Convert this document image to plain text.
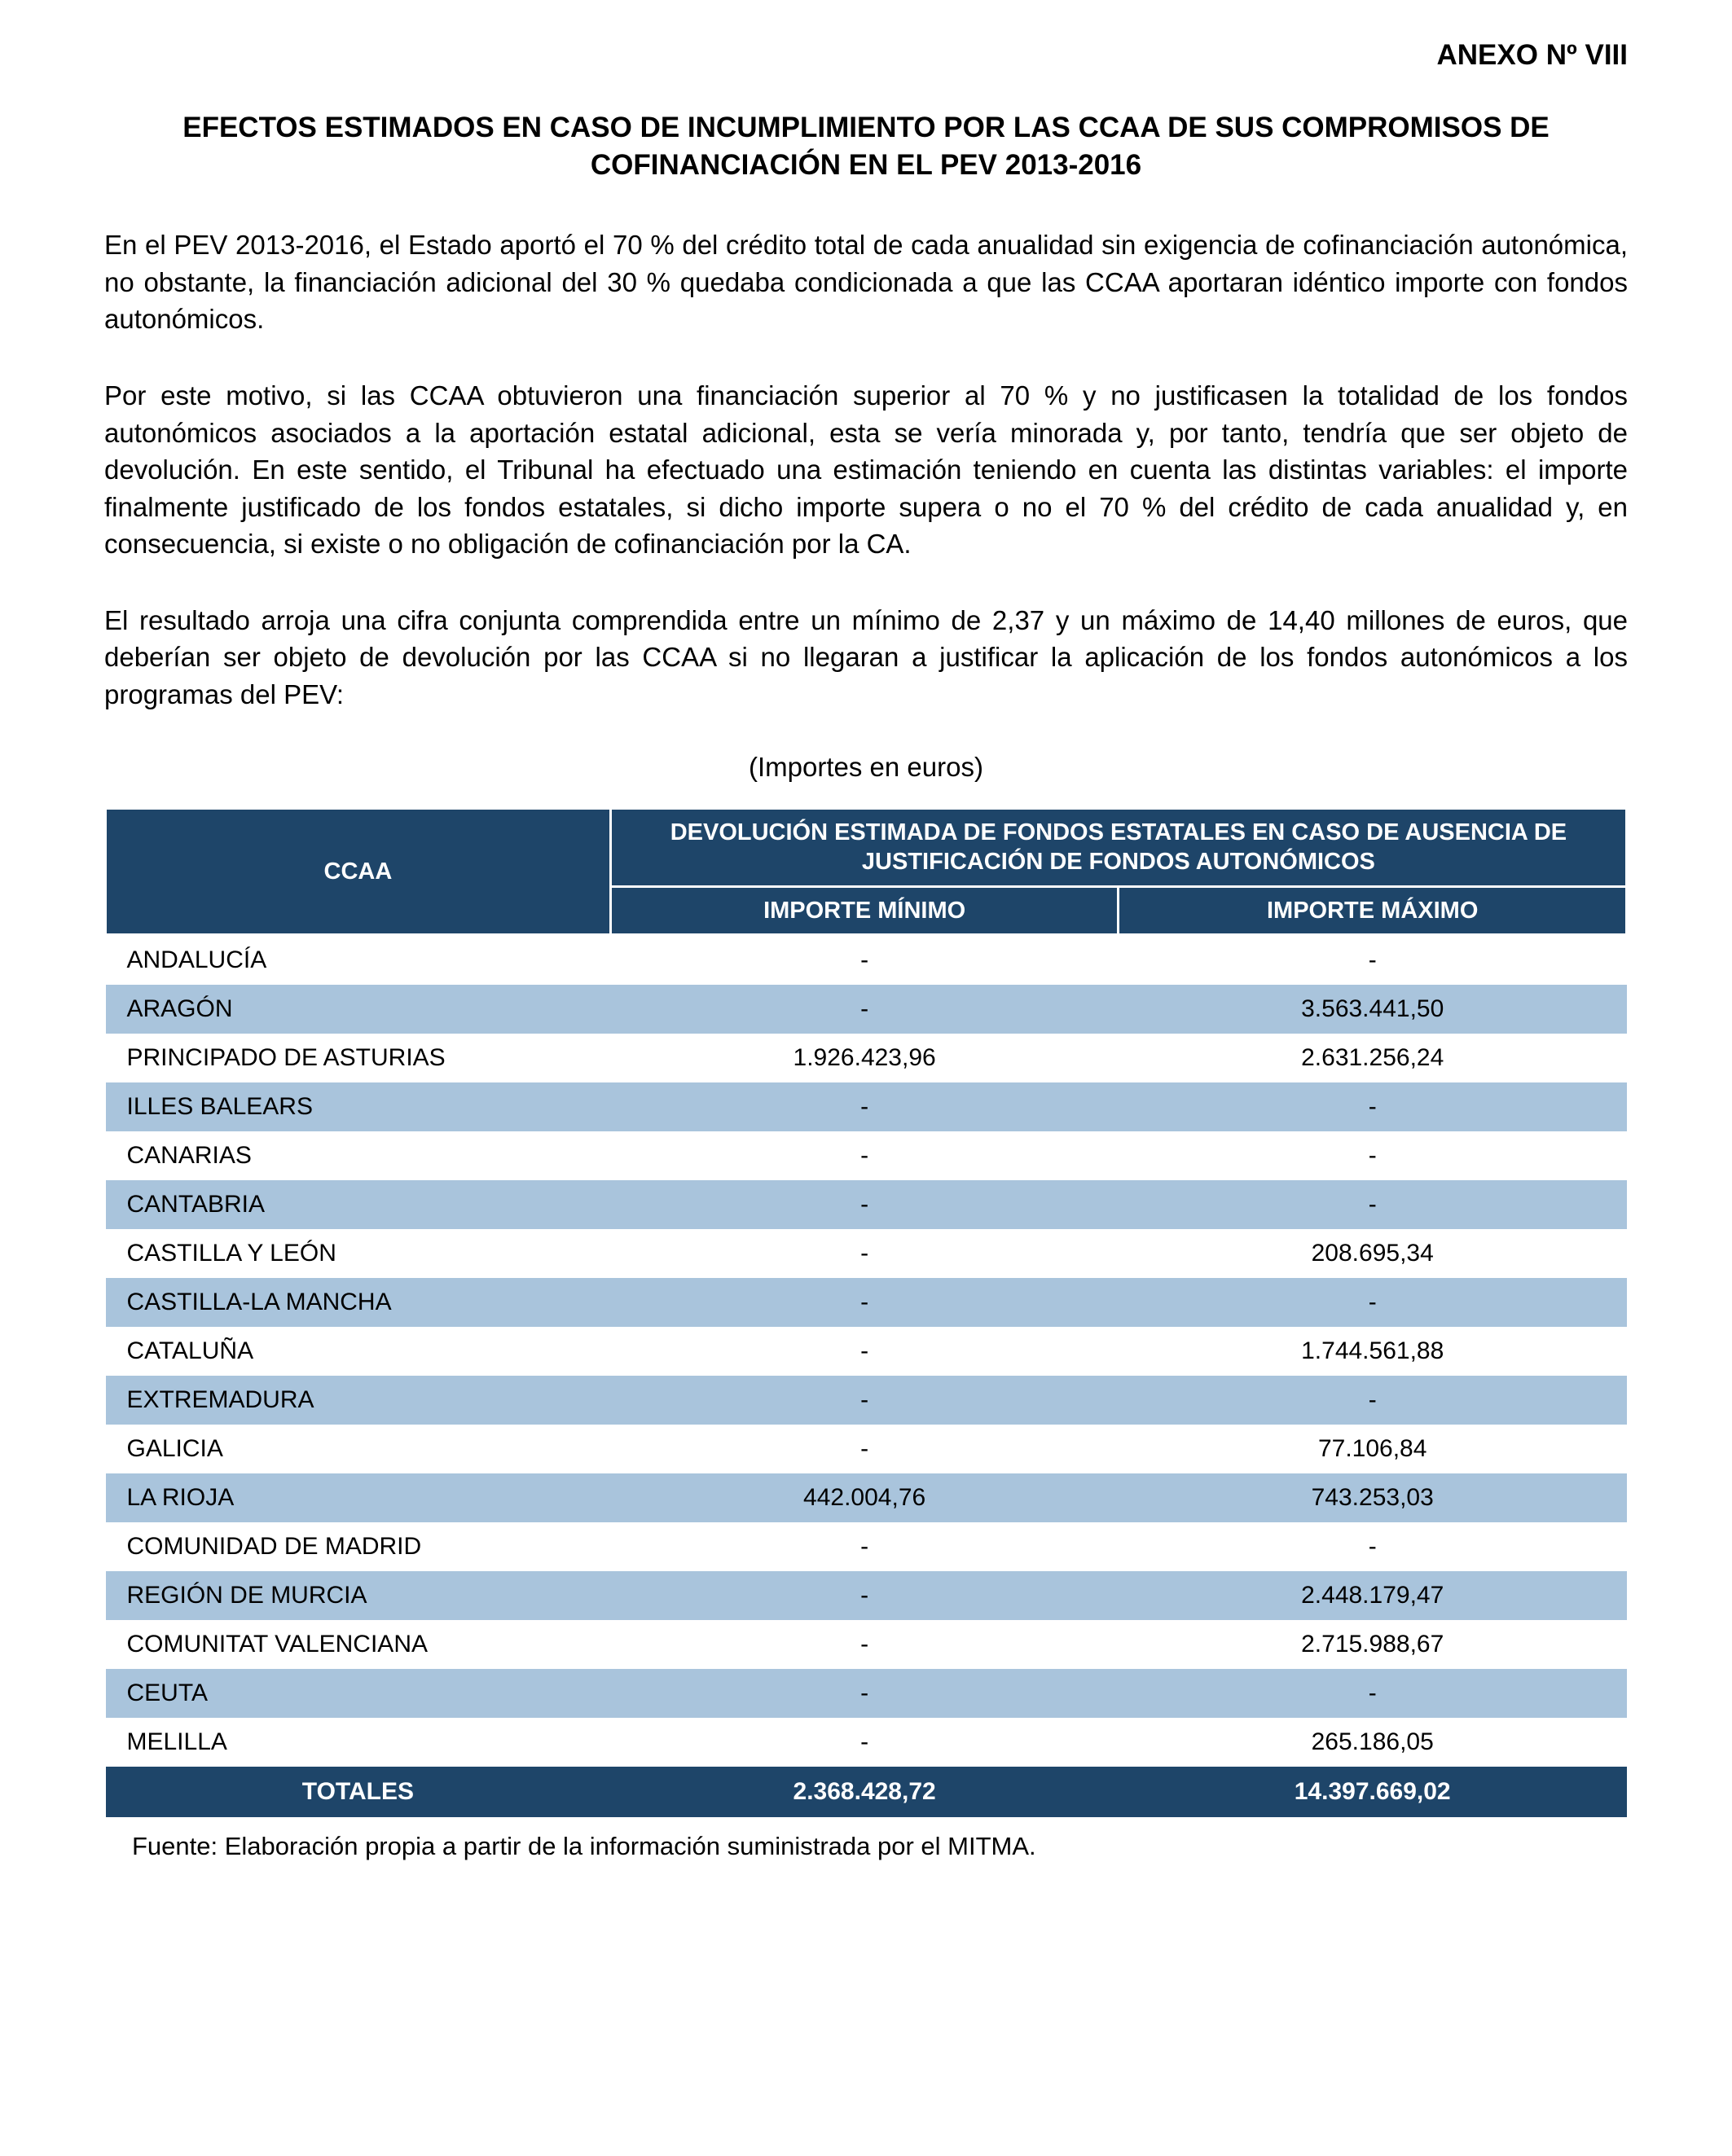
ANEXO Nº VIII
EFECTOS ESTIMADOS EN CASO DE INCUMPLIMIENTO POR LAS CCAA DE SUS COMPROMISOS DE COFINANCIACIÓN EN EL PEV 2013-2016

En el PEV 2013-2016, el Estado aportó el 70 % del crédito total de cada anualidad sin exigencia de cofinanciación autonómica, no obstante, la financiación adicional del 30 % quedaba condicionada a que las CCAA aportaran idéntico importe con fondos autonómicos.

Por este motivo, si las CCAA obtuvieron una financiación superior al 70 % y no justificasen la totalidad de los fondos autonómicos asociados a la aportación estatal adicional, esta se vería minorada y, por tanto, tendría que ser objeto de devolución. En este sentido, el Tribunal ha efectuado una estimación teniendo en cuenta las distintas variables: el importe finalmente justificado de los fondos estatales, si dicho importe supera o no el 70 % del crédito de cada anualidad y, en consecuencia, si existe o no obligación de cofinanciación por la CA.

El resultado arroja una cifra conjunta comprendida entre un mínimo de 2,37 y un máximo de 14,40 millones de euros, que deberían ser objeto de devolución por las CCAA si no llegaran a justificar la aplicación de los fondos autonómicos a los programas del PEV:

(Importes en euros)
CCAA	DEVOLUCIÓN ESTIMADA DE FONDOS ESTATALES EN CASO DE AUSENCIA DE JUSTIFICACIÓN DE FONDOS AUTONÓMICOS	
	IMPORTE MÍNIMO	IMPORTE MÁXIMO
ANDALUCÍA	-	-
ARAGÓN	-	3.563.441,50
PRINCIPADO DE ASTURIAS	1.926.423,96	2.631.256,24
ILLES BALEARS	-	-
CANARIAS	-	-
CANTABRIA	-	-
CASTILLA Y LEÓN	-	208.695,34
CASTILLA-LA MANCHA	-	-
CATALUÑA	-	1.744.561,88
EXTREMADURA	-	-
GALICIA	-	77.106,84
LA RIOJA	442.004,76	743.253,03
COMUNIDAD DE MADRID	-	-
REGIÓN DE MURCIA	-	2.448.179,47
COMUNITAT VALENCIANA	-	2.715.988,67
CEUTA	-	-
MELILLA	-	265.186,05
TOTALES	2.368.428,72	14.397.669,02
Fuente: Elaboración propia a partir de la información suministrada por el MITMA.
